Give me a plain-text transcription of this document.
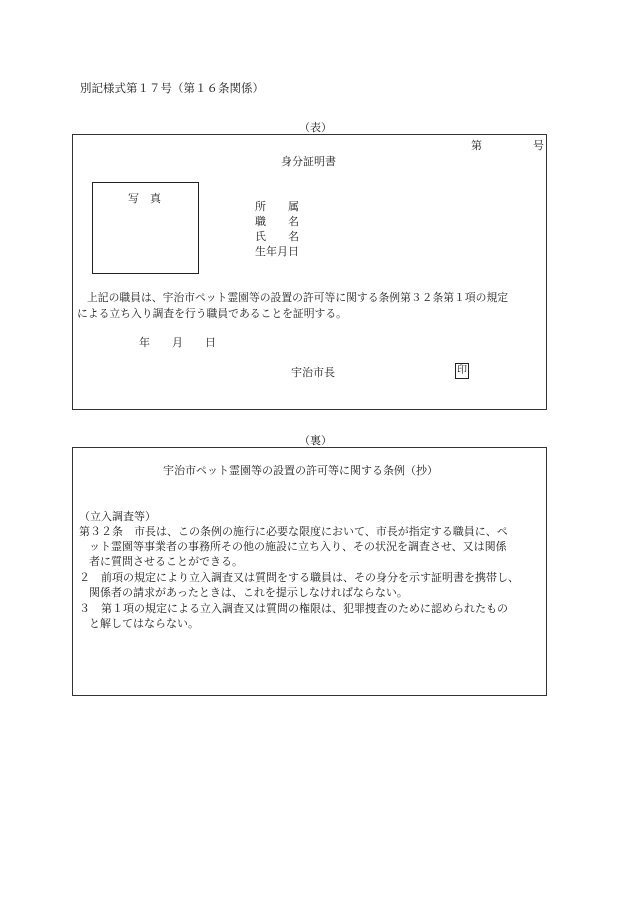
別記様式第１７号（第１６条関係）
（表）
第	号
身分証明書
写　真
所　　属
職　　名
氏　　名
生年月日
上記の職員は、宇治市ペット霊園等の設置の許可等に関する条例第３２条第１項の規定
による立ち入り調査を行う職員であることを証明する。
年　　月　　日
宇治市長	印
（裏）
宇治市ペット霊園等の設置の許可等に関する条例（抄）
（立入調査等）
第３２条　市長は、この条例の施行に必要な限度において、市長が指定する職員に、ペ
ット霊園等事業者の事務所その他の施設に立ち入り、その状況を調査させ、又は関係
者に質問させることができる。
２　前項の規定により立入調査又は質問をする職員は、その身分を示す証明書を携帯し、
関係者の請求があったときは、これを提示しなければならない。
３　第１項の規定による立入調査又は質問の権限は、犯罪捜査のために認められたもの
と解してはならない。
